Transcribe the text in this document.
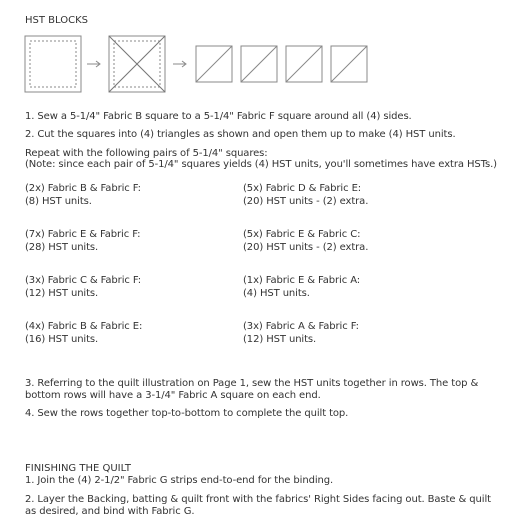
HST BLOCKS
1. Sew a 5-1/4" Fabric B square to a 5-1/4" Fabric F square around all (4) sides.
2. Cut the squares into (4) triangles as shown and open them up to make (4) HST units.
Repeat with the following pairs of 5-1/4" squares:
(Note: since each pair of 5-1/4" squares yields (4) HST units, you'll sometimes have extra HSTs.)
(2x) Fabric B & Fabric F:
(8) HST units.
(7x) Fabric E & Fabric F:
(28) HST units.
(3x) Fabric C & Fabric F:
(12) HST units.
(4x) Fabric B & Fabric E:
(16) HST units.
(5x) Fabric D & Fabric E:
(20) HST units - (2) extra.
(5x) Fabric E & Fabric C:
(20) HST units - (2) extra.
(1x) Fabric E & Fabric A:
(4) HST units.
(3x) Fabric A & Fabric F:
(12) HST units.
3. Referring to the quilt illustration on Page 1, sew the HST units together in rows. The top &
bottom rows will have a 3-1/4" Fabric A square on each end.
4. Sew the rows together top-to-bottom to complete the quilt top.
FINISHING THE QUILT
1. Join the (4) 2-1/2" Fabric G strips end-to-end for the binding.
2. Layer the Backing, batting & quilt front with the fabrics' Right Sides facing out. Baste & quilt
as desired, and bind with Fabric G.
